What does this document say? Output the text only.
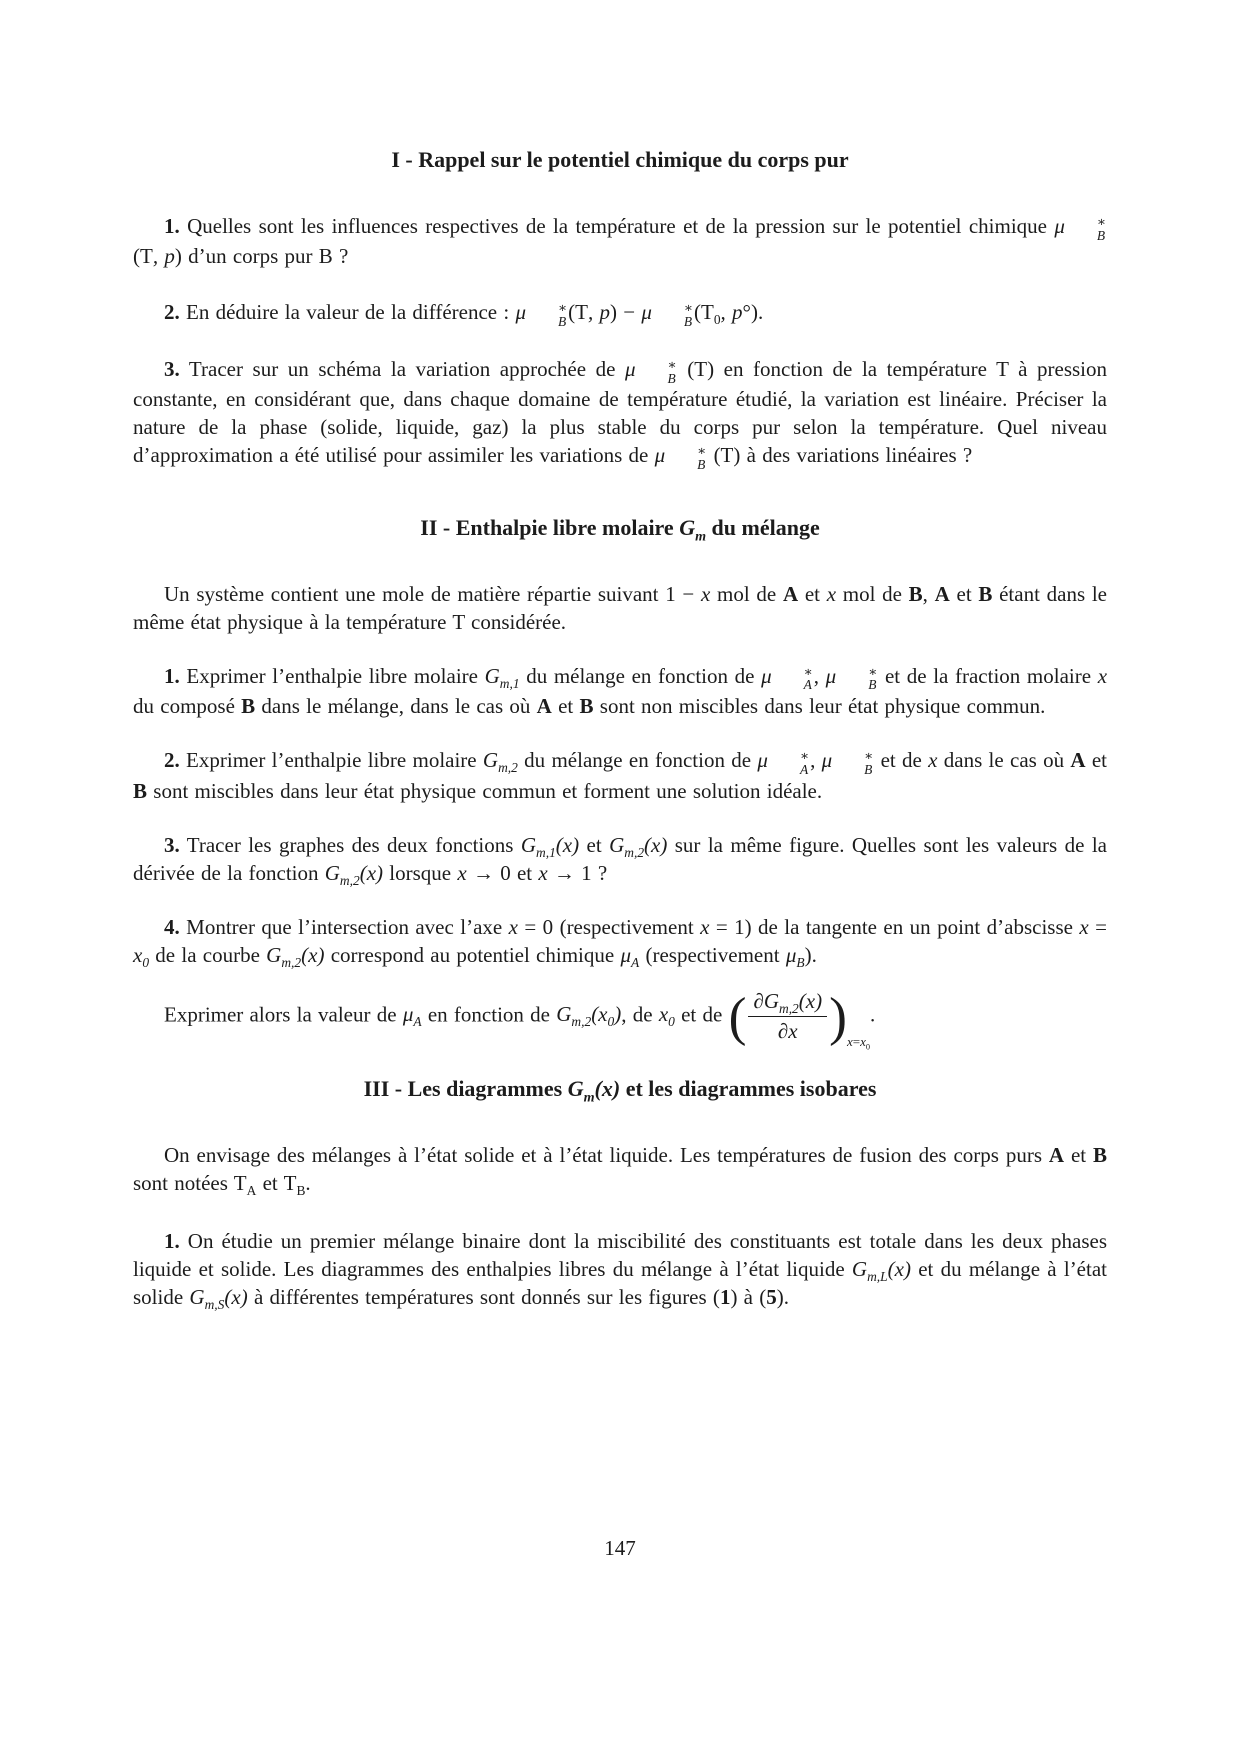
I - Rappel sur le potentiel chimique du corps pur

1. Quelles sont les influences respectives de la température et de la pression sur le potentiel chimique μ	∗
B
(T, p) d’un corps pur B ?

2. En déduire la valeur de la différence : μ	∗
B (T, p) − μ	∗
B ($T_0$, p°).

3. Tracer sur un schéma la variation approchée de μ	∗
B (T) en fonction de la température T à pression constante, en considérant que, dans chaque domaine de température étudié, la variation est linéaire. Préciser la nature de la phase (solide, liquide, gaz) la plus stable du corps pur selon la température. Quel niveau d’approximation a été utilisé pour assimiler les variations de μ	∗
B (T) à des variations linéaires ?

II - Enthalpie libre molaire $G_m$ du mélange

Un système contient une mole de matière répartie suivant 1 − x mol de A et x mol de B, A et B étant dans le même état physique à la température T considérée.

1. Exprimer l’enthalpie libre molaire $G_{m,1}$ du mélange en fonction de μ	∗
A , μ	∗
B et de la fraction molaire x du composé B dans le mélange, dans le cas où A et B sont non miscibles dans leur état physique commun.

2. Exprimer l’enthalpie libre molaire $G_{m,2}$ du mélange en fonction de μ	∗
A , μ	∗
B et de x dans le cas où A et B sont miscibles dans leur état physique commun et forment une solution idéale.

3. Tracer les graphes des deux fonctions $G_{m,1}(x)$ et $G_{m,2}(x)$ sur la même figure. Quelles sont les valeurs de la dérivée de la fonction $G_{m,2}(x)$ lorsque x → 0 et x → 1 ?

4. Montrer que l’intersection avec l’axe x = 0 (respectivement x = 1) de la tangente en un point d’abscisse $x = x_0$ de la courbe $G_{m,2}(x)$ correspond au potentiel chimique $\mu_A$ (respectivement $\mu_B$).

Exprimer alors la valeur de $\mu_A$ en fonction de $G_{m,2}(x_0)$, de $x_0$ et de ( $\frac{\partial G_{m,2}(x)}{\partial x} )_{x=x_0}$.

III - Les diagrammes $G_m(x)$ et les diagrammes isobares

On envisage des mélanges à l’état solide et à l’état liquide. Les températures de fusion des corps purs A et B sont notées $T_A$ et $T_B$.

1. On étudie un premier mélange binaire dont la miscibilité des constituants est totale dans les deux phases liquide et solide. Les diagrammes des enthalpies libres du mélange à l’état liquide $G_{m,L}(x)$ et du mélange à l’état solide $G_{m,S}(x)$ à différentes températures sont donnés sur les figures (1) à (5).

147
